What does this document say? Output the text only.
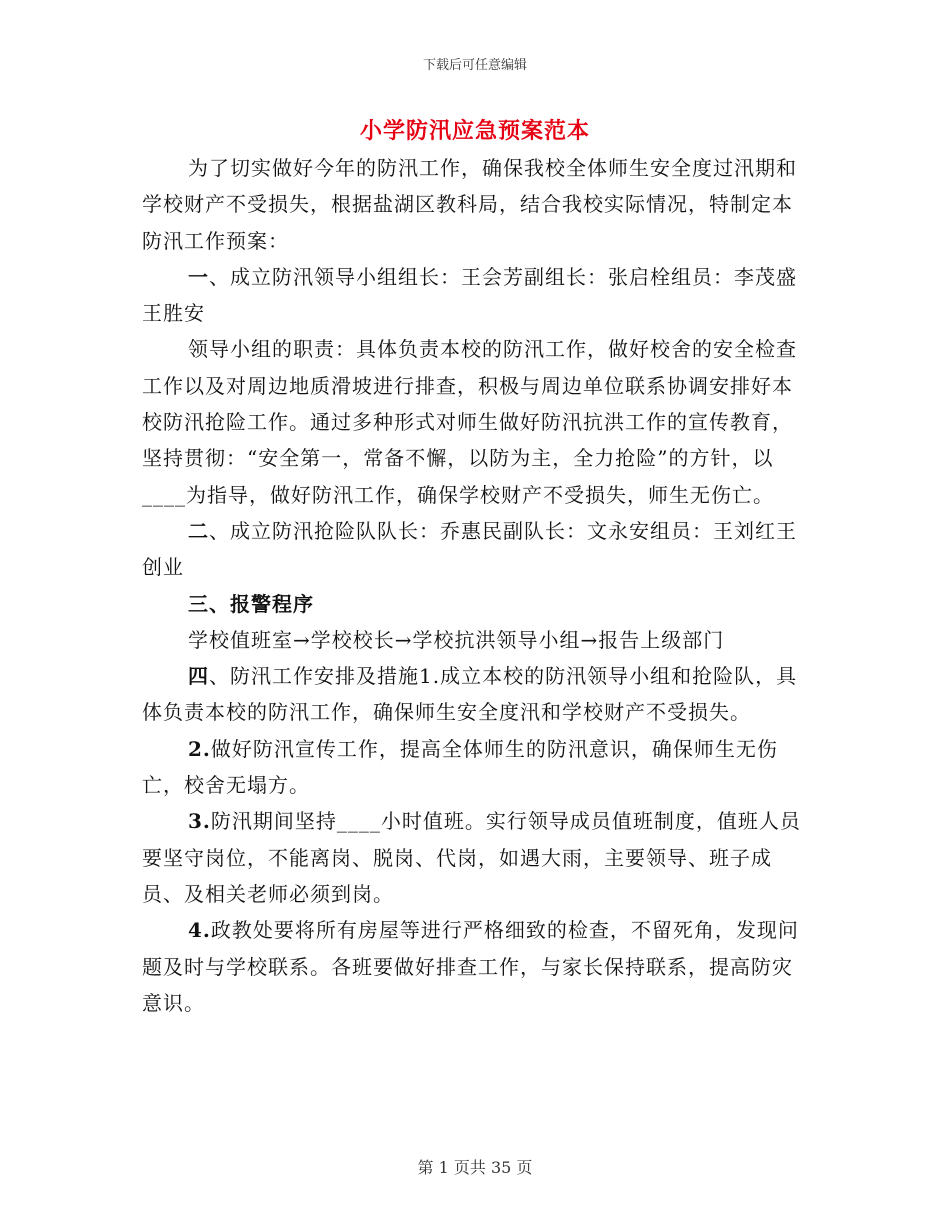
下载后可任意编辑
小学防汛应急预案范本

为了切实做好今年的防汛工作，确保我校全体师生安全度过汛期和学校财产不受损失，根据盐湖区教科局，结合我校实际情况，特制定本防汛工作预案：

一、成立防汛领导小组组长：王会芳副组长：张启栓组员：李茂盛王胜安

领导小组的职责：具体负责本校的防汛工作，做好校舍的安全检查工作以及对周边地质滑坡进行排查，积极与周边单位联系协调安排好本校防汛抢险工作。通过多种形式对师生做好防汛抗洪工作的宣传教育，坚持贯彻：“安全第一，常备不懈，以防为主，全力抢险”的方针，以____为指导，做好防汛工作，确保学校财产不受损失，师生无伤亡。

二、成立防汛抢险队队长：乔惠民副队长：文永安组员：王刘红王创业

三、报警程序

学校值班室→学校校长→学校抗洪领导小组→报告上级部门

四、防汛工作安排及措施1.成立本校的防汛领导小组和抢险队，具体负责本校的防汛工作，确保师生安全度汛和学校财产不受损失。

2.做好防汛宣传工作，提高全体师生的防汛意识，确保师生无伤亡，校舍无塌方。

3.防汛期间坚持____小时值班。实行领导成员值班制度，值班人员要坚守岗位，不能离岗、脱岗、代岗，如遇大雨，主要领导、班子成员、及相关老师必须到岗。

4.政教处要将所有房屋等进行严格细致的检查，不留死角，发现问题及时与学校联系。各班要做好排查工作，与家长保持联系，提高防灾意识。

第 1 页共 35 页
